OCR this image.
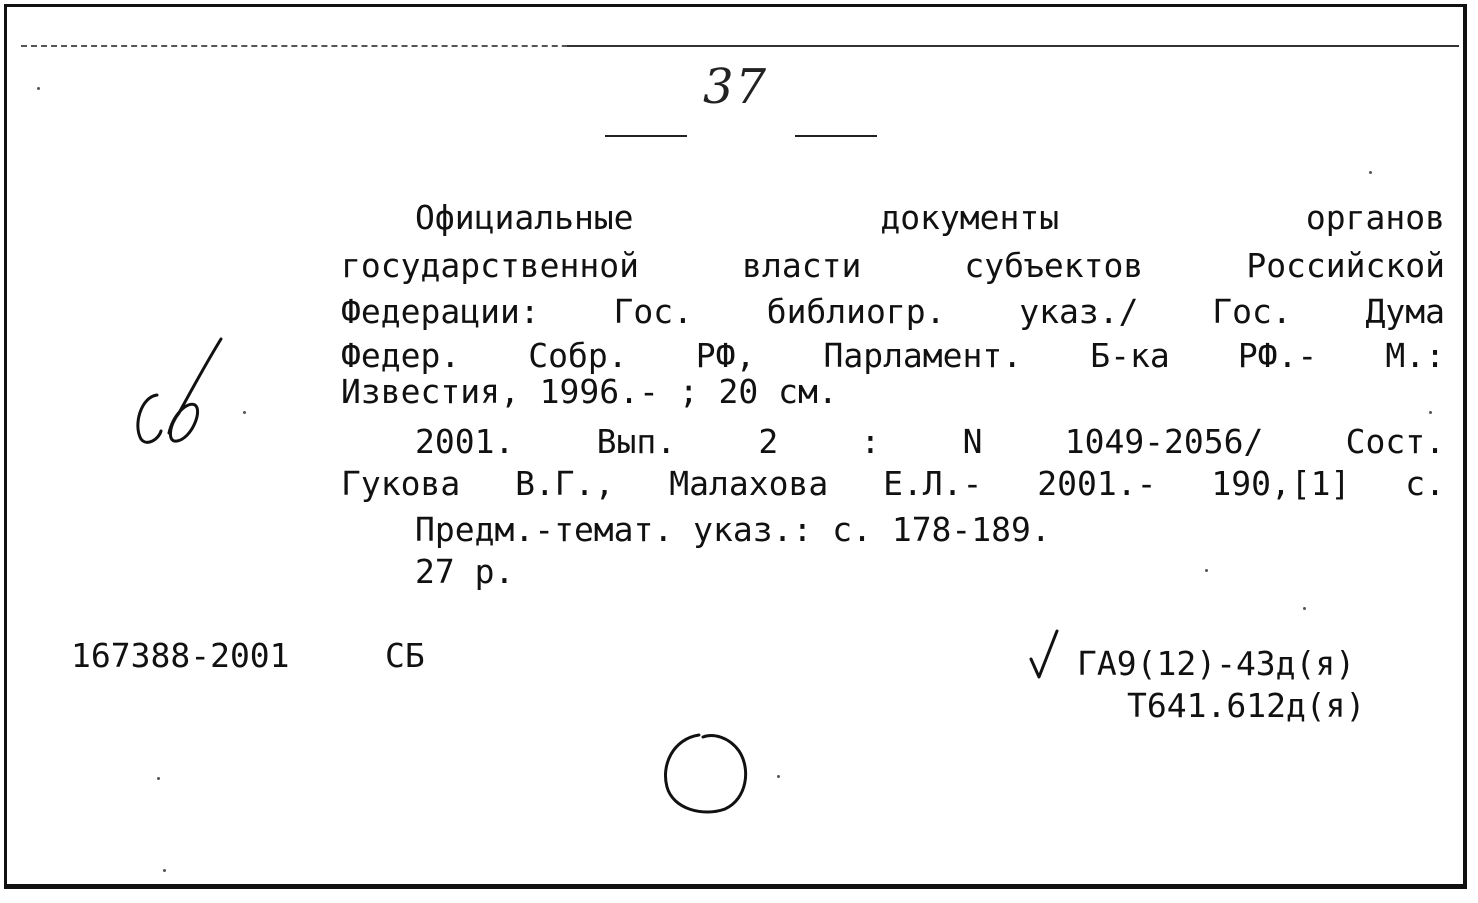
37
Официальные документы органов
государственной власти субъектов Российской
Федерации: Гос. библиогр. указ./ Гос. Дума
Федер. Собр. РФ, Парламент. Б-ка РФ.- М.:
Известия, 1996.- ; 20 см.
2001. Вып. 2 : N 1049-2056/ Сост.
Гукова В.Г., Малахова Е.Л.- 2001.- 190,[1] с.
Предм.-темат. указ.: с. 178-189.
27 р.
167388-2001	СБ	ГА9(12)-43д(я)
Т641.612д(я)
